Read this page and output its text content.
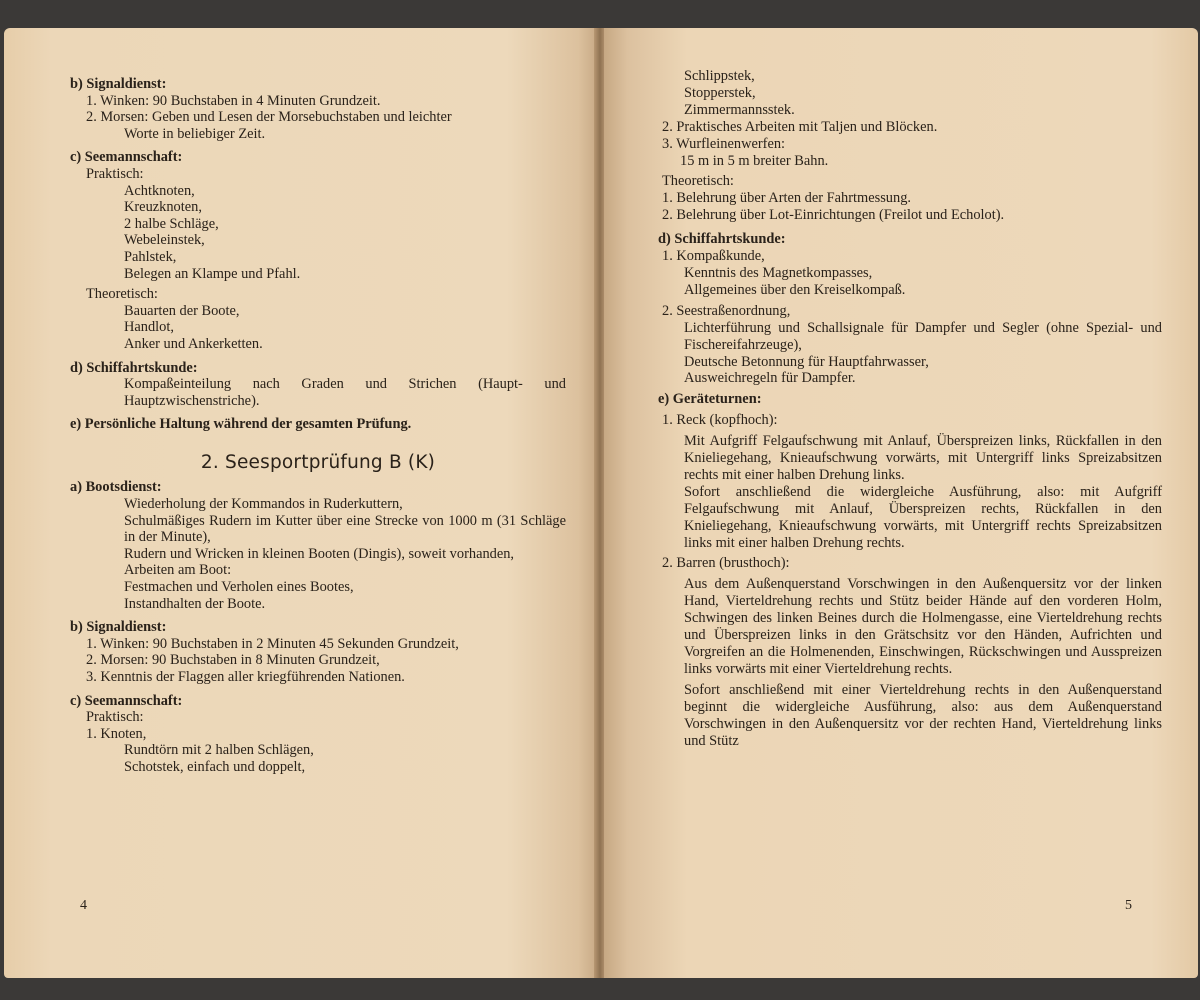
b) Signaldienst:
1. Winken: 90 Buchstaben in 4 Minuten Grundzeit.
2. Morsen: Geben und Lesen der Morsebuchstaben und leichter
Worte in beliebiger Zeit.
c) Seemannschaft:
Praktisch:
Achtknoten,
Kreuzknoten,
2 halbe Schläge,
Webeleinstek,
Pahlstek,
Belegen an Klampe und Pfahl.
Theoretisch:
Bauarten der Boote,
Handlot,
Anker und Ankerketten.
d) Schiffahrtskunde:
Kompaßeinteilung nach Graden und Strichen (Haupt- und Hauptzwischenstriche).
e) Persönliche Haltung während der gesamten Prüfung.
2. Seesportprüfung B (K)
a) Bootsdienst:
Wiederholung der Kommandos in Ruderkuttern,
Schulmäßiges Rudern im Kutter über eine Strecke von 1000 m (31 Schläge in der Minute),
Rudern und Wricken in kleinen Booten (Dingis), soweit vorhanden,
Arbeiten am Boot:
Festmachen und Verholen eines Bootes,
Instandhalten der Boote.
b) Signaldienst:
1. Winken: 90 Buchstaben in 2 Minuten 45 Sekunden Grundzeit,
2. Morsen: 90 Buchstaben in 8 Minuten Grundzeit,
3. Kenntnis der Flaggen aller kriegführenden Nationen.
c) Seemannschaft:
Praktisch:
1. Knoten,
Rundtörn mit 2 halben Schlägen,
Schotstek, einfach und doppelt,
4
Schlippstek,
Stopperstek,
Zimmermannsstek.
2. Praktisches Arbeiten mit Taljen und Blöcken.
3. Wurfleinenwerfen:
15 m in 5 m breiter Bahn.
Theoretisch:
1. Belehrung über Arten der Fahrtmessung.
2. Belehrung über Lot-Einrichtungen (Freilot und Echolot).
d) Schiffahrtskunde:
1. Kompaßkunde,
Kenntnis des Magnetkompasses,
Allgemeines über den Kreiselkompaß.
2. Seestraßenordnung,
Lichterführung und Schallsignale für Dampfer und Segler (ohne Spezial- und Fischereifahrzeuge),
Deutsche Betonnung für Hauptfahrwasser,
Ausweichregeln für Dampfer.
e) Geräteturnen:
1. Reck (kopfhoch):
Mit Aufgriff Felgaufschwung mit Anlauf, Überspreizen links, Rückfallen in den Knieliegehang, Knieaufschwung vorwärts, mit Untergriff links Spreizabsitzen rechts mit einer halben Drehung links.
Sofort anschließend die widergleiche Ausführung, also: mit Aufgriff Felgaufschwung mit Anlauf, Überspreizen rechts, Rückfallen in den Knieliegehang, Knieaufschwung vorwärts, mit Untergriff rechts Spreizabsitzen links mit einer halben Drehung rechts.
2. Barren (brusthoch):
Aus dem Außenquerstand Vorschwingen in den Außenquersitz vor der linken Hand, Vierteldrehung rechts und Stütz beider Hände auf den vorderen Holm, Schwingen des linken Beines durch die Holmengasse, eine Vierteldrehung rechts und Überspreizen links in den Grätschsitz vor den Händen, Aufrichten und Vorgreifen an die Holmenenden, Einschwingen, Rückschwingen und Ausspreizen links vorwärts mit einer Vierteldrehung rechts.
Sofort anschließend mit einer Vierteldrehung rechts in den Außenquerstand beginnt die widergleiche Ausführung, also: aus dem Außenquerstand Vorschwingen in den Außenquersitz vor der rechten Hand, Vierteldrehung links und Stütz
5
